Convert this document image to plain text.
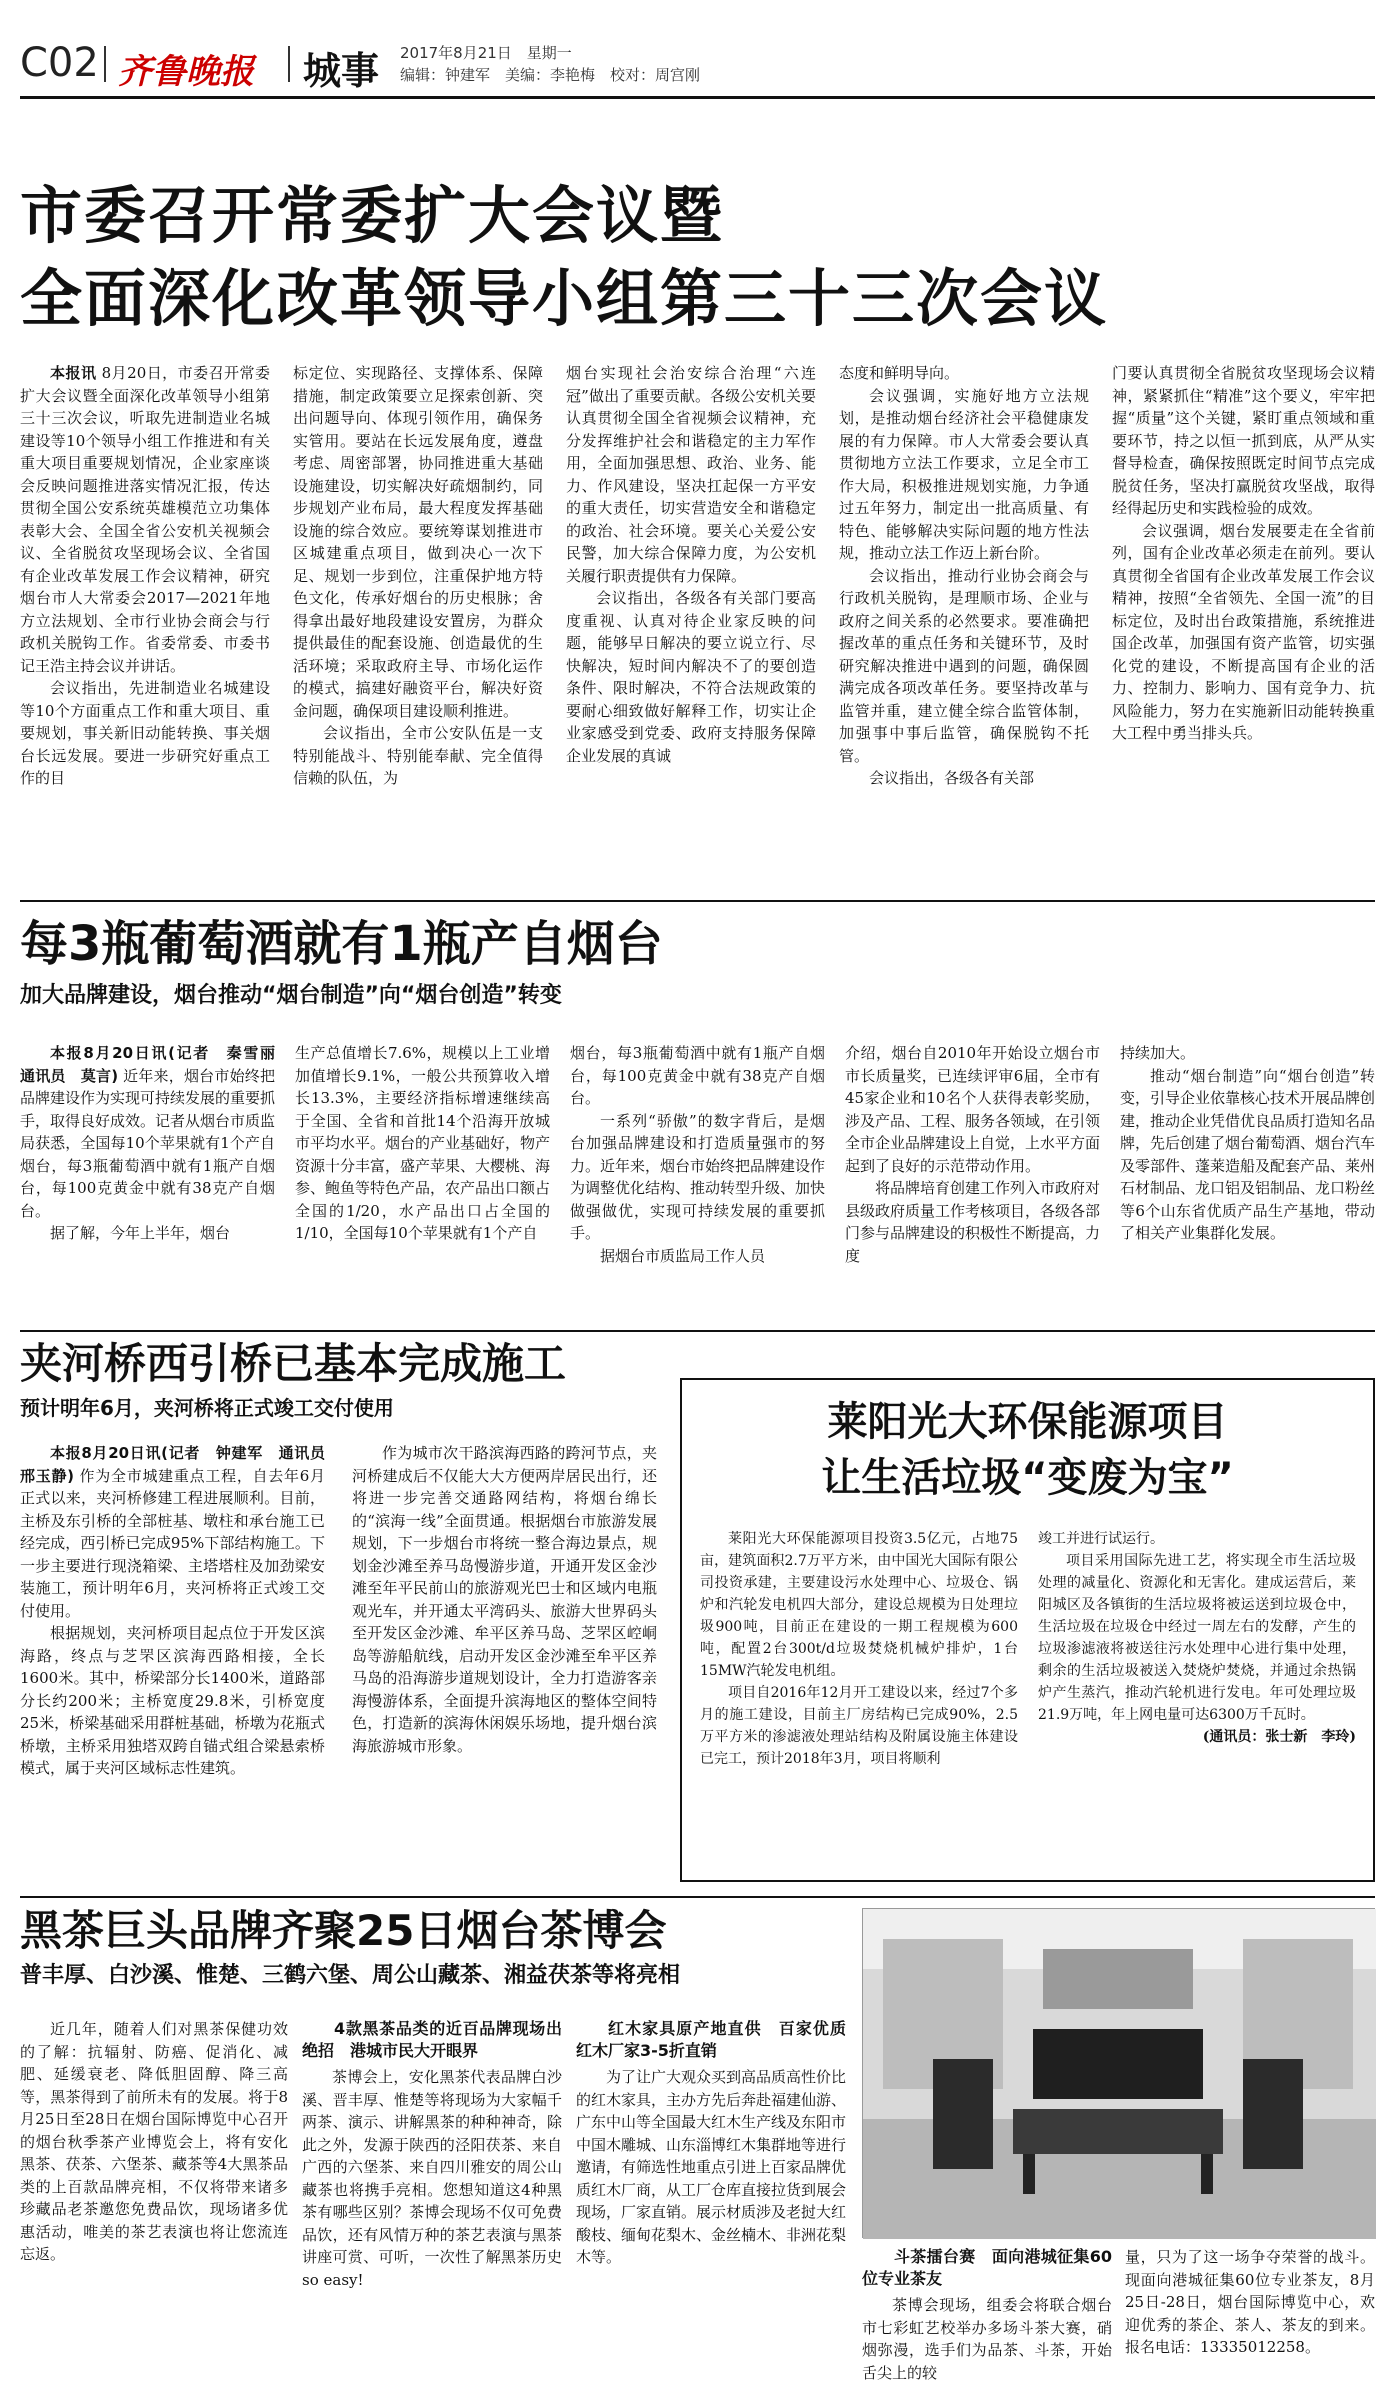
C02 齐鲁晚报 城事 2017年8月21日　星期一
编辑：钟建军　美编：李艳梅　校对：周宫刚
市委召开常委扩大会议暨
全面深化改革领导小组第三十三次会议

本报讯 8月20日，市委召开常委扩大会议暨全面深化改革领导小组第三十三次会议，听取先进制造业名城建设等10个领导小组工作推进和有关重大项目重要规划情况，企业家座谈会反映问题推进落实情况汇报，传达贯彻全国公安系统英雄模范立功集体表彰大会、全国全省公安机关视频会议、全省脱贫攻坚现场会议、全省国有企业改革发展工作会议精神，研究烟台市人大常委会2017—2021年地方立法规划、全市行业协会商会与行政机关脱钩工作。省委常委、市委书记王浩主持会议并讲话。

会议指出，先进制造业名城建设等10个方面重点工作和重大项目、重要规划，事关新旧动能转换、事关烟台长远发展。要进一步研究好重点工作的目

标定位、实现路径、支撑体系、保障措施，制定政策要立足探索创新、突出问题导向、体现引领作用，确保务实管用。要站在长远发展角度，遵盘考虑、周密部署，协同推进重大基础设施建设，切实解决好疏烟制约，同步规划产业布局，最大程度发挥基础设施的综合效应。要统筹谋划推进市区城建重点项目，做到决心一次下足、规划一步到位，注重保护地方特色文化，传承好烟台的历史根脉；舍得拿出最好地段建设安置房，为群众提供最佳的配套设施、创造最优的生活环境；采取政府主导、市场化运作的模式，搞建好融资平台，解决好资金问题，确保项目建设顺利推进。

会议指出，全市公安队伍是一支特别能战斗、特别能奉献、完全值得信赖的队伍，为

烟台实现社会治安综合治理“六连冠”做出了重要贡献。各级公安机关要认真贯彻全国全省视频会议精神，充分发挥维护社会和谐稳定的主力军作用，全面加强思想、政治、业务、能力、作风建设，坚决扛起保一方平安的重大责任，切实营造安全和谐稳定的政治、社会环境。要关心关爱公安民警，加大综合保障力度，为公安机关履行职责提供有力保障。

会议指出，各级各有关部门要高度重视、认真对待企业家反映的问题，能够早日解决的要立说立行、尽快解决，短时间内解决不了的要创造条件、限时解决，不符合法规政策的要耐心细致做好解释工作，切实让企业家感受到党委、政府支持服务保障企业发展的真诚

态度和鲜明导向。

会议强调，实施好地方立法规划，是推动烟台经济社会平稳健康发展的有力保障。市人大常委会要认真贯彻地方立法工作要求，立足全市工作大局，积极推进规划实施，力争通过五年努力，制定出一批高质量、有特色、能够解决实际问题的地方性法规，推动立法工作迈上新台阶。

会议指出，推动行业协会商会与行政机关脱钩，是理顺市场、企业与政府之间关系的必然要求。要准确把握改革的重点任务和关键环节，及时研究解决推进中遇到的问题，确保圆满完成各项改革任务。要坚持改革与监管并重，建立健全综合监管体制，加强事中事后监管，确保脱钩不托管。

会议指出，各级各有关部

门要认真贯彻全省脱贫攻坚现场会议精神，紧紧抓住“精准”这个要义，牢牢把握“质量”这个关键，紧盯重点领域和重要环节，持之以恒一抓到底，从严从实督导检查，确保按照既定时间节点完成脱贫任务，坚决打赢脱贫攻坚战，取得经得起历史和实践检验的成效。

会议强调，烟台发展要走在全省前列，国有企业改革必须走在前列。要认真贯彻全省国有企业改革发展工作会议精神，按照“全省领先、全国一流”的目标定位，及时出台政策措施，系统推进国企改革，加强国有资产监管，切实强化党的建设，不断提高国有企业的活力、控制力、影响力、国有竞争力、抗风险能力，努力在实施新旧动能转换重大工程中勇当排头兵。

每3瓶葡萄酒就有1瓶产自烟台
加大品牌建设，烟台推动“烟台制造”向“烟台创造”转变

本报8月20日讯(记者　秦雪丽　通讯员　莫言) 近年来，烟台市始终把品牌建设作为实现可持续发展的重要抓手，取得良好成效。记者从烟台市质监局获悉，全国每10个苹果就有1个产自烟台，每3瓶葡萄酒中就有1瓶产自烟台，每100克黄金中就有38克产自烟台。

据了解，今年上半年，烟台

生产总值增长7.6%，规模以上工业增加值增长9.1%，一般公共预算收入增长13.3%，主要经济指标增速继续高于全国、全省和首批14个沿海开放城市平均水平。烟台的产业基础好，物产资源十分丰富，盛产苹果、大樱桃、海参、鲍鱼等特色产品，农产品出口额占全国的1/20，水产品出口占全国的1/10，全国每10个苹果就有1个产自

烟台，每3瓶葡萄酒中就有1瓶产自烟台，每100克黄金中就有38克产自烟台。

一系列“骄傲”的数字背后，是烟台加强品牌建设和打造质量强市的努力。近年来，烟台市始终把品牌建设作为调整优化结构、推动转型升级、加快做强做优，实现可持续发展的重要抓手。

据烟台市质监局工作人员

介绍，烟台自2010年开始设立烟台市市长质量奖，已连续评审6届，全市有45家企业和10名个人获得表彰奖励，涉及产品、工程、服务各领域，在引领全市企业品牌建设上自觉，上水平方面起到了良好的示范带动作用。

将品牌培育创建工作列入市政府对县级政府质量工作考核项目，各级各部门参与品牌建设的积极性不断提高，力度

持续加大。

推动“烟台制造”向“烟台创造”转变，引导企业依靠核心技术开展品牌创建，推动企业凭借优良品质打造知名品牌，先后创建了烟台葡萄酒、烟台汽车及零部件、蓬莱造船及配套产品、莱州石材制品、龙口铝及铝制品、龙口粉丝等6个山东省优质产品生产基地，带动了相关产业集群化发展。

夹河桥西引桥已基本完成施工
预计明年6月，夹河桥将正式竣工交付使用

本报8月20日讯(记者　钟建军　通讯员　邢玉静) 作为全市城建重点工程，自去年6月正式以来，夹河桥修建工程进展顺利。目前，主桥及东引桥的全部桩基、墩柱和承台施工已经完成，西引桥已完成95%下部结构施工。下一步主要进行现浇箱梁、主塔塔柱及加劲梁安装施工，预计明年6月，夹河桥将正式竣工交付使用。

根据规划，夹河桥项目起点位于开发区滨海路，终点与芝罘区滨海西路相接，全长1600米。其中，桥梁部分长1400米，道路部分长约200米；主桥宽度29.8米，引桥宽度25米，桥梁基础采用群桩基础，桥墩为花瓶式桥墩，主桥采用独塔双跨自锚式组合梁悬索桥模式，属于夹河区域标志性建筑。

作为城市次干路滨海西路的跨河节点，夹河桥建成后不仅能大大方便两岸居民出行，还将进一步完善交通路网结构，将烟台绵长的“滨海一线”全面贯通。根据烟台市旅游发展规划，下一步烟台市将统一整合海边景点，规划金沙滩至养马岛慢游步道，开通开发区金沙滩至年平民前山的旅游观光巴士和区域内电瓶观光车，并开通太平湾码头、旅游大世界码头至开发区金沙滩、牟平区养马岛、芝罘区崆峒岛等游船航线，启动开发区金沙滩至牟平区养马岛的沿海游步道规划设计，全力打造游客亲海慢游体系，全面提升滨海地区的整体空间特色，打造新的滨海休闲娱乐场地，提升烟台滨海旅游城市形象。

莱阳光大环保能源项目
让生活垃圾“变废为宝”

莱阳光大环保能源项目投资3.5亿元，占地75亩，建筑面积2.7万平方米，由中国光大国际有限公司投资承建，主要建设污水处理中心、垃圾仓、锅炉和汽轮发电机四大部分，建设总规模为日处理垃圾900吨，目前正在建设的一期工程规模为600吨，配置2台300t/d垃圾焚烧机械炉排炉，1台15MW汽轮发电机组。

项目自2016年12月开工建设以来，经过7个多月的施工建设，目前主厂房结构已完成90%，2.5万平方米的渗滤液处理站结构及附属设施主体建设已完工，预计2018年3月，项目将顺利

竣工并进行试运行。

项目采用国际先进工艺，将实现全市生活垃圾处理的减量化、资源化和无害化。建成运营后，莱阳城区及各镇街的生活垃圾将被运送到垃圾仓中，生活垃圾在垃圾仓中经过一周左右的发酵，产生的垃圾渗滤液将被送往污水处理中心进行集中处理，剩余的生活垃圾被送入焚烧炉焚烧，并通过余热锅炉产生蒸汽，推动汽轮机进行发电。年可处理垃圾21.9万吨，年上网电量可达6300万千瓦时。

(通讯员：张士新　李玲)

黑茶巨头品牌齐聚25日烟台茶博会
普丰厚、白沙溪、惟楚、三鹤六堡、周公山藏茶、湘益茯茶等将亮相

近几年，随着人们对黑茶保健功效的了解：抗辐射、防癌、促消化、减肥、延缓衰老、降低胆固醇、降三高等，黑茶得到了前所未有的发展。将于8月25日至28日在烟台国际博览中心召开的烟台秋季茶产业博览会上，将有安化黑茶、茯茶、六堡茶、藏茶等4大黑茶品类的上百款品牌亮相，不仅将带来诸多珍藏品老茶邀您免费品饮，现场诸多优惠活动，唯美的茶艺表演也将让您流连忘返。

4款黑茶品类的近百品牌现场出绝招　港城市民大开眼界

茶博会上，安化黑茶代表品牌白沙溪、晋丰厚、惟楚等将现场为大家幅千两茶、演示、讲解黑茶的种种神奇，除此之外，发源于陕西的泾阳茯茶、来自广西的六堡茶、来自四川雅安的周公山藏茶也将携手亮相。您想知道这4种黑茶有哪些区别？茶博会现场不仅可免费品饮，还有风情万种的茶艺表演与黑茶讲座可赏、可听，一次性了解黑茶历史so easy!

红木家具原产地直供　百家优质红木厂家3-5折直销

为了让广大观众买到高品质高性价比的红木家具，主办方先后奔赴福建仙游、广东中山等全国最大红木生产线及东阳市中国木雕城、山东淄博红木集群地等进行邀请，有筛选性地重点引进上百家品牌优质红木厂商，从工厂仓库直接拉货到展会现场，厂家直销。展示材质涉及老挝大红酸枝、缅甸花梨木、金丝楠木、非洲花梨木等。	斗茶擂台赛　面向港城征集60位专业茶友

茶博会现场，组委会将联合烟台市七彩虹艺校举办多场斗茶大赛，硝烟弥漫，选手们为品茶、斗茶，开始舌尖上的较

量，只为了这一场争夺荣誉的战斗。现面向港城征集60位专业茶友，8月25日-28日，烟台国际博览中心，欢迎优秀的茶企、茶人、茶友的到来。报名电话：13335012258。
